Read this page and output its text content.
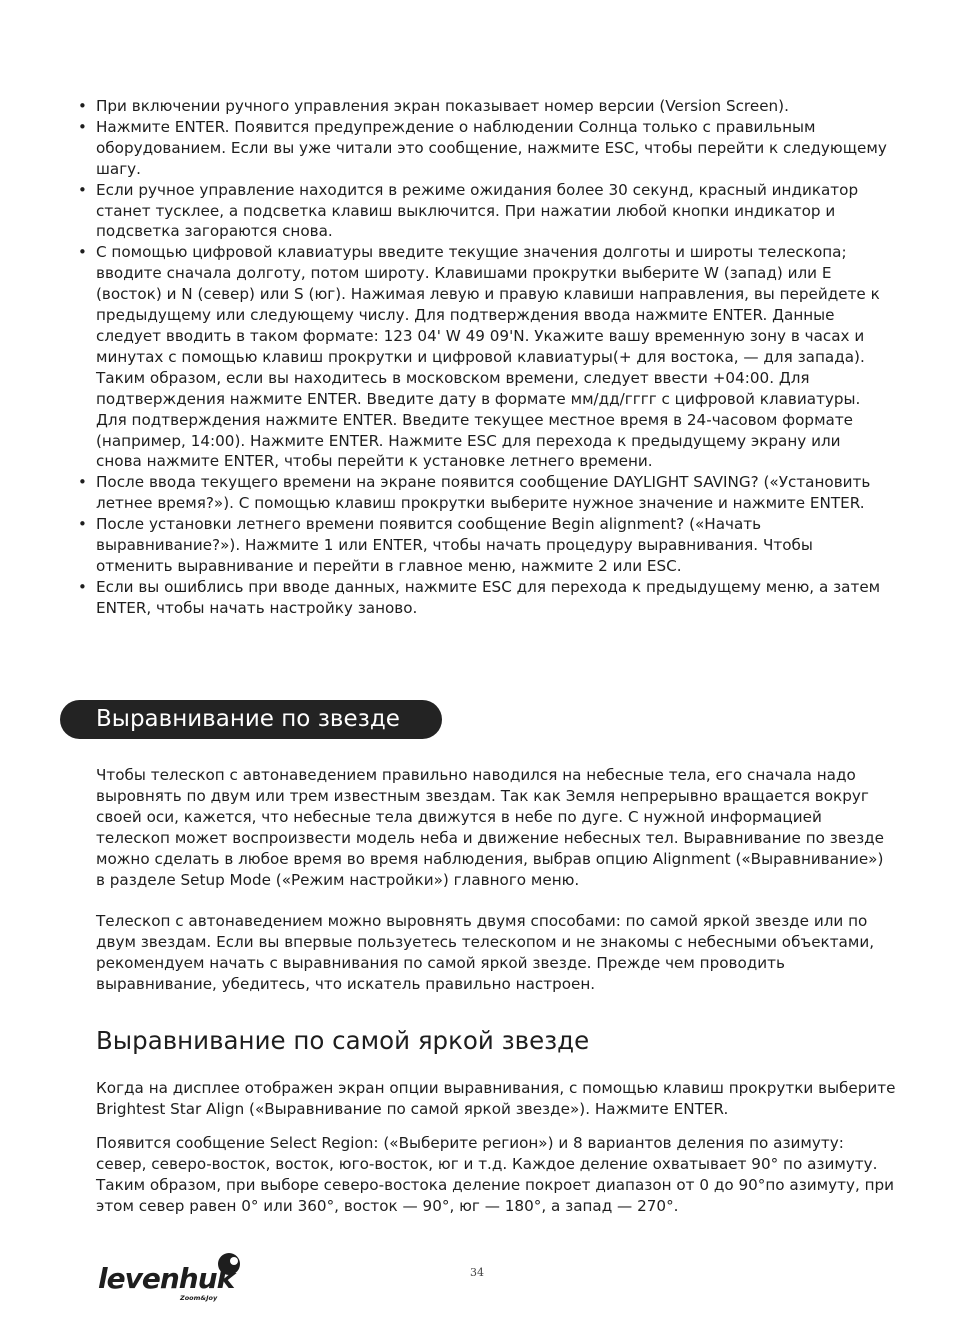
• При включении ручного управления экран показывает номер версии (Version Screen).
• Нажмите ENTER. Появится предупреждение о наблюдении Солнца только с правильным оборудованием. Если вы уже читали это сообщение, нажмите ESC, чтобы перейти к следующему шагу.
• Если ручное управление находится в режиме ожидания более 30 секунд, красный индикатор станет тусклее, а подсветка клавиш выключится. При нажатии любой кнопки индикатор и подсветка загораются снова.
• С помощью цифровой клавиатуры введите текущие значения долготы и широты телескопа; вводите сначала долготу, потом широту. Клавишами прокрутки выберите W (запад) или E (восток) и N (север) или S (юг). Нажимая левую и правую клавиши направления, вы перейдете к предыдущему или следующему числу. Для подтверждения ввода нажмите ENTER. Данные следует вводить в таком формате: 123 04' W 49 09'N. Укажите вашу временную зону в часах и минутах с помощью клавиш прокрутки и цифровой клавиатуры(+ для востока, — для запада). Таким образом, если вы находитесь в московском времени, следует ввести +04:00. Для подтверждения нажмите ENTER. Введите дату в формате мм/дд/гггг с цифровой клавиатуры. Для подтверждения нажмите ENTER. Введите текущее местное время в 24-часовом формате (например, 14:00). Нажмите ENTER. Нажмите ESC для перехода к предыдущему экрану или снова нажмите ENTER, чтобы перейти к установке летнего времени.
• После ввода текущего времени на экране появится сообщение DAYLIGHT SAVING? («Установить летнее время?»). С помощью клавиш прокрутки выберите нужное значение и нажмите ENTER.
• После установки летнего времени появится сообщение Begin alignment? («Начать выравнивание?»). Нажмите 1 или ENTER, чтобы начать процедуру выравнивания. Чтобы отменить выравнивание и перейти в главное меню, нажмите 2 или ESC.
• Если вы ошиблись при вводе данных, нажмите ESC для перехода к предыдущему меню, а затем ENTER, чтобы начать настройку заново.
Выравнивание по звезде

Чтобы телескоп с автонаведением правильно наводился на небесные тела, его сначала надо выровнять по двум или трем известным звездам. Так как Земля непрерывно вращается вокруг своей оси, кажется, что небесные тела движутся в небе по дуге. С нужной информацией телескоп может воспроизвести модель неба и движение небесных тел. Выравнивание по звезде можно сделать в любое время во время наблюдения, выбрав опцию Alignment («Выравнивание») в разделе Setup Mode («Режим настройки») главного меню.

Телескоп с автонаведением можно выровнять двумя способами: по самой яркой звезде или по двум звездам. Если вы впервые пользуетесь телескопом и не знакомы с небесными объектами, рекомендуем начать с выравнивания по самой яркой звезде. Прежде чем проводить выравнивание, убедитесь, что искатель правильно настроен.

Выравнивание по самой яркой звезде

Когда на дисплее отображен экран опции выравнивания, с помощью клавиш прокрутки выберите Brightest Star Align («Выравнивание по самой яркой звезде»). Нажмите ENTER.

Появится сообщение Select Region: («Выберите регион») и 8 вариантов деления по азимуту: север, северо-восток, восток, юго-восток, юг и т.д. Каждое деление охватывает 90° по азимуту. Таким образом, при выборе северо-востока деление покроет диапазон от 0 до 90°по азимуту, при этом север равен 0° или 360°, восток — 90°, юг — 180°, а запад — 270°.

levenhuk
Zoom&Joy
34
